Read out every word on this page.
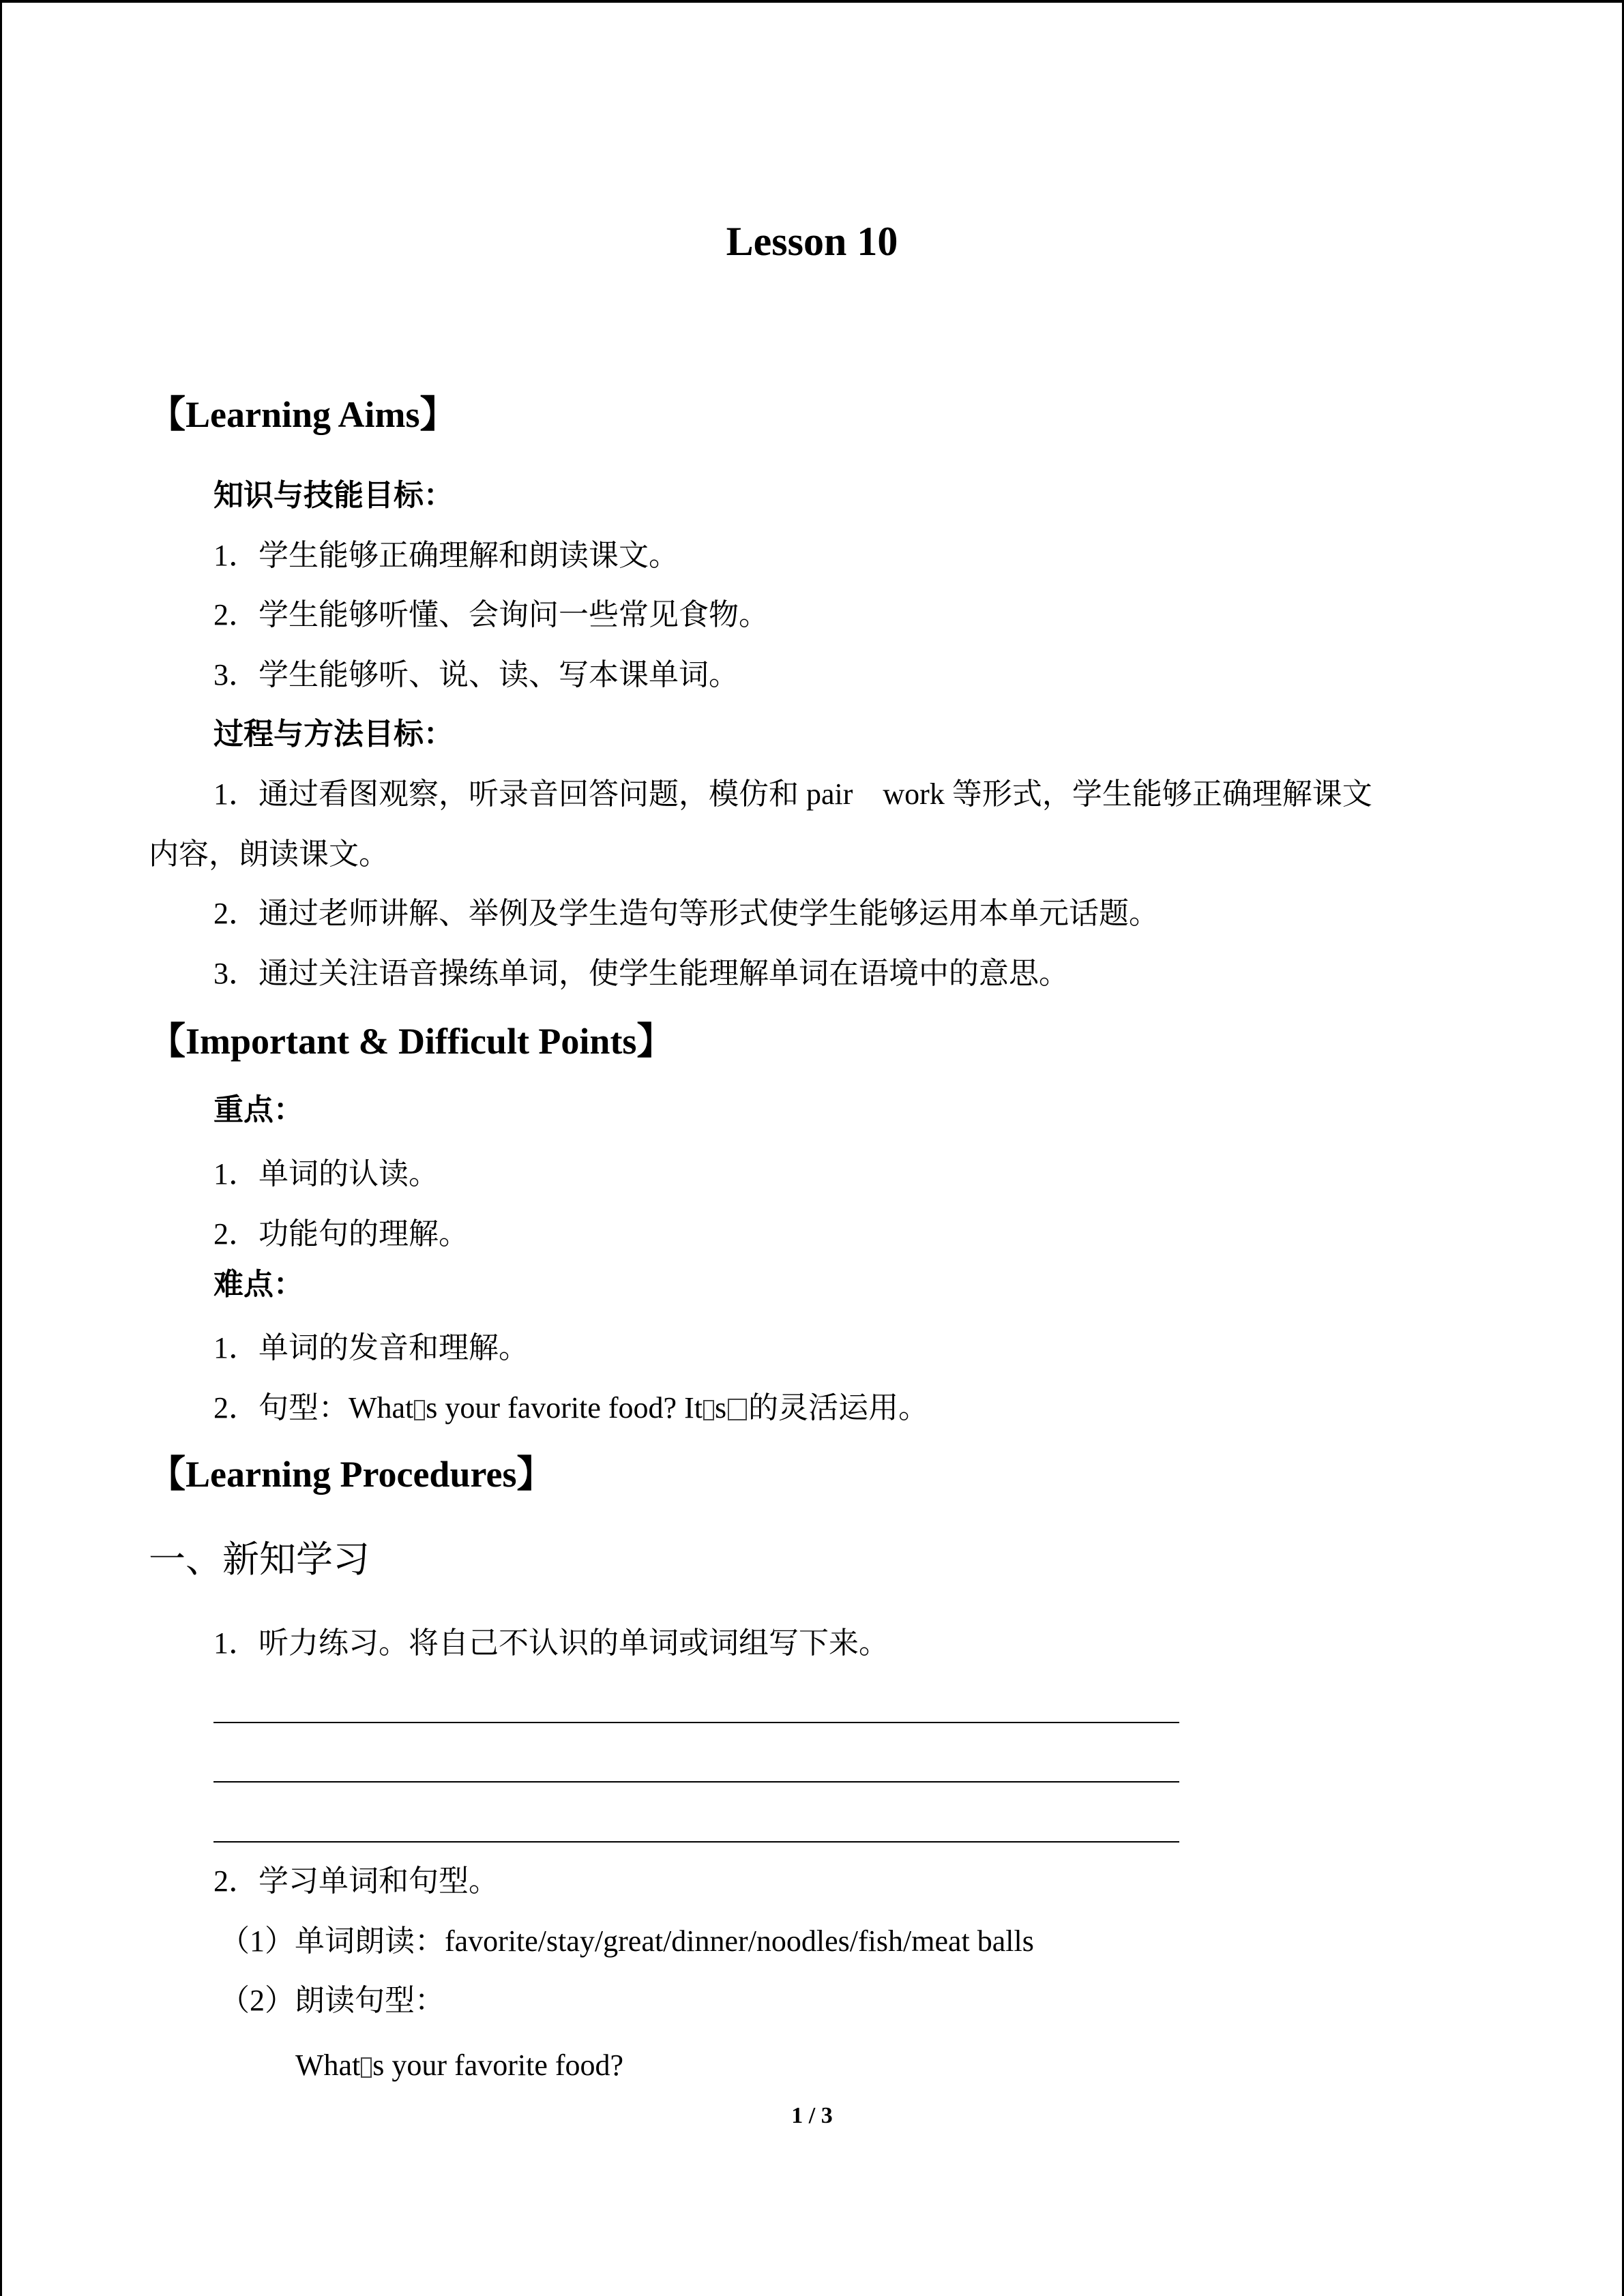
Lesson 10
【Learning Aims】
知识与技能目标：
1．学生能够正确理解和朗读课文。
2．学生能够听懂、会询问一些常见食物。
3．学生能够听、说、读、写本课单词。
过程与方法目标：
1．通过看图观察，听录音回答问题，模仿和 pair　work 等形式，学生能够正确理解课文
内容，朗读课文。
2．通过老师讲解、举例及学生造句等形式使学生能够运用本单元话题。
3．通过关注语音操练单词，使学生能理解单词在语境中的意思。
【Important & Difficult Points】
重点：
1．单词的认读。
2．功能句的理解。
难点：
1．单词的发音和理解。
2．句型：What s your favorite food? It s 的灵活运用。
【Learning Procedures】
一、新知学习
1．听力练习。将自己不认识的单词或词组写下来。
2．学习单词和句型。
（1）单词朗读：favorite/stay/great/dinner/noodles/fish/meat balls
（2）朗读句型：
What s your favorite food?
1 / 3
